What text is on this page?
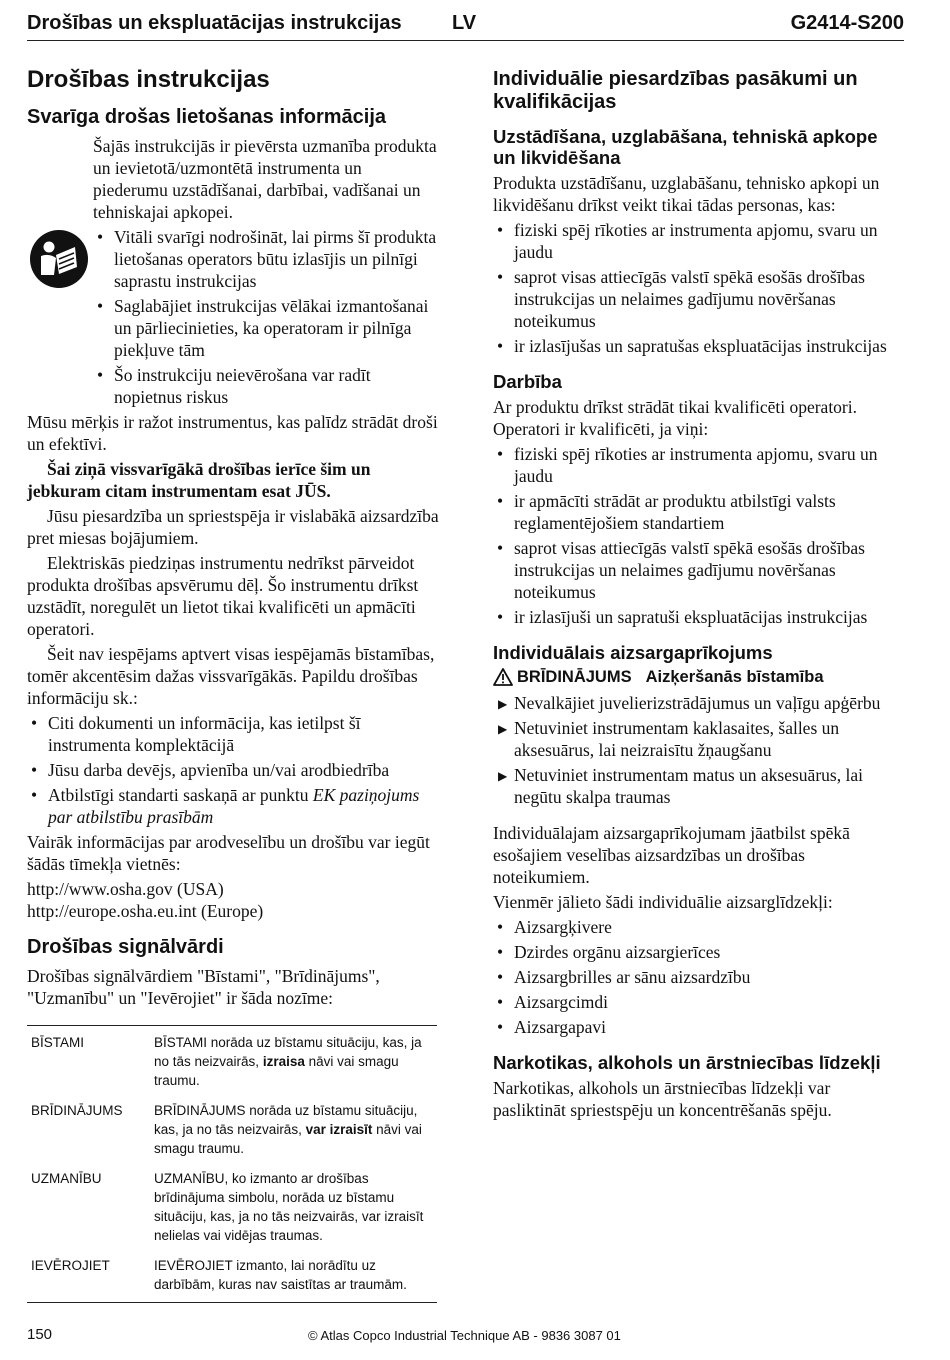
Drošības un ekspluatācijas instrukcijas	LV	G2414-S200
Drošības instrukcijas
Svarīga drošas lietošanas informācija

Šajās instrukcijās ir pievērsta uzmanība produkta un ievietotā/uzmontētā instrumenta un piederumu uzstādīšanai, darbībai, vadīšanai un tehniskajai apkopei.

• Vitāli svarīgi nodrošināt, lai pirms šī produkta lietošanas operators būtu izlasījis un pilnīgi saprastu instrukcijas
• Saglabājiet instrukcijas vēlākai izmantošanai un pārliecinieties, ka operatoram ir pilnīga piekļuve tām
• Šo instrukciju neievērošana var radīt nopietnus riskus

Mūsu mērķis ir ražot instrumentus, kas palīdz strādāt droši un efektīvi.

Šai ziņā vissvarīgākā drošības ierīce šim un jebkuram citam instrumentam esat JŪS.

Jūsu piesardzība un spriestspēja ir vislabākā aizsardzība pret miesas bojājumiem.

Elektriskās piedziņas instrumentu nedrīkst pārveidot produkta drošības apsvērumu dēļ. Šo instrumentu drīkst uzstādīt, noregulēt un lietot tikai kvalificēti un apmācīti operatori.

Šeit nav iespējams aptvert visas iespējamās bīstamības, tomēr akcentēsim dažas vissvarīgākās. Papildu drošības informāciju sk.:

• Citi dokumenti un informācija, kas ietilpst šī instrumenta komplektācijā
• Jūsu darba devējs, apvienība un/vai arodbiedrība
• Atbilstīgi standarti saskaņā ar punktu EK paziņojums par atbilstību prasībām

Vairāk informācijas par arodveselību un drošību var iegūt šādās tīmekļa vietnēs:

http://www.osha.gov (USA)

http://europe.osha.eu.int (Europe)

Drošības signālvārdi

Drošības signālvārdiem "Bīstami", "Brīdinājums", "Uzmanību" un "Ievērojiet" ir šāda nozīme:

BĪSTAMI	BĪSTAMI norāda uz bīstamu situāciju, kas, ja no tās neizvairās, izraisa nāvi vai smagu traumu.
BRĪDINĀJUMS	BRĪDINĀJUMS norāda uz bīstamu situāciju, kas, ja no tās neizvairās, var izraisīt nāvi vai smagu traumu.
UZMANĪBU	UZMANĪBU, ko izmanto ar drošības brīdinājuma simbolu, norāda uz bīstamu situāciju, kas, ja no tās neizvairās, var izraisīt nelielas vai vidējas traumas.
IEVĒROJIET	IEVĒROJIET izmanto, lai norādītu uz darbībām, kuras nav saistītas ar traumām.
Individuālie piesardzības pasākumi un kvalifikācijas
Uzstādīšana, uzglabāšana, tehniskā apkope un likvidēšana

Produkta uzstādīšanu, uzglabāšanu, tehnisko apkopi un likvidēšanu drīkst veikt tikai tādas personas, kas:

• fiziski spēj rīkoties ar instrumenta apjomu, svaru un jaudu
• saprot visas attiecīgās valstī spēkā esošās drošības instrukcijas un nelaimes gadījumu novēršanas noteikumus
• ir izlasījušas un sapratušas ekspluatācijas instrukcijas
Darbība

Ar produktu drīkst strādāt tikai kvalificēti operatori. Operatori ir kvalificēti, ja viņi:

• fiziski spēj rīkoties ar instrumenta apjomu, svaru un jaudu
• ir apmācīti strādāt ar produktu atbilstīgi valsts reglamentējošiem standartiem
• saprot visas attiecīgās valstī spēkā esošās drošības instrukcijas un nelaimes gadījumu novēršanas noteikumus
• ir izlasījuši un sapratuši ekspluatācijas instrukcijas
Individuālais aizsargaprīkojums
BRĪDINĀJUMS Aizķeršanās bīstamība
▶ Nevalkājiet juvelierizstrādājumus un vaļīgu apģērbu
▶ Netuviniet instrumentam kaklasaites, šalles un aksesuārus, lai neizraisītu žņaugšanu
▶ Netuviniet instrumentam matus un aksesuārus, lai negūtu skalpa traumas

Individuālajam aizsargaprīkojumam jāatbilst spēkā esošajiem veselības aizsardzības un drošības noteikumiem.

Vienmēr jālieto šādi individuālie aizsarglīdzekļi:

• Aizsargķivere
• Dzirdes orgānu aizsargierīces
• Aizsargbrilles ar sānu aizsardzību
• Aizsargcimdi
• Aizsargapavi
Narkotikas, alkohols un ārstniecības līdzekļi

Narkotikas, alkohols un ārstniecības līdzekļi var pasliktināt spriestspēju un koncentrēšanās spēju.

150	© Atlas Copco Industrial Technique AB - 9836 3087 01
